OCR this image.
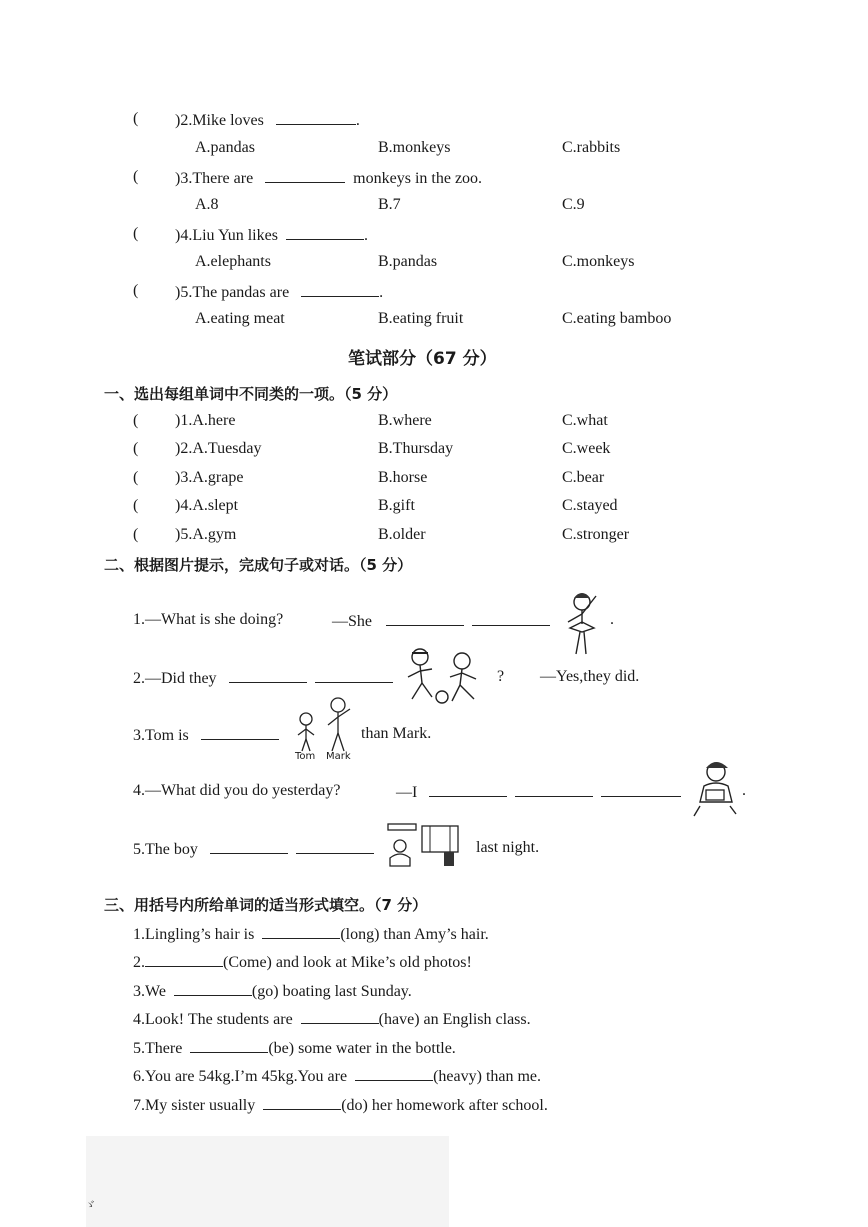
( )2.Mike loves	.
A.pandas	B.monkeys	C.rabbits
( )3.There are	monkeys in the zoo.
A.8	B.7	C.9
( )4.Liu Yun likes	.
A.elephants	B.pandas	C.monkeys
( )5.The pandas are	.
A.eating meat	B.eating fruit	C.eating bamboo
笔试部分（67 分）
一、选出每组单词中不同类的一项。（5 分）
( )1.A.here	B.where	C.what
( )2.A.Tuesday	B.Thursday	C.week
( )3.A.grape	B.horse	C.bear
( )4.A.slept	B.gift	C.stayed
( )5.A.gym	B.older	C.stronger
二、根据图片提示，完成句子或对话。（5 分）
1.—What is she doing?	—She	.
2.—Did they	? —Yes,they did.
3.Tom is
Tom Mark
than Mark.
4.—What did you do yesterday?	—I	.
5.The boy	last night.
三、用括号内所给单词的适当形式填空。（7 分）
1.Lingling’s hair is	(long) than Amy’s hair.
2.	(Come) and look at Mike’s old photos!
3.We	(go) boating last Sunday.
4.Look! The students are	(have) an English class.
5.There	(be) some water in the bottle.
6.You are 54kg.I’m 45kg.You are	(heavy) than me.
7.My sister usually	(do) her homework after school.
ゞ
